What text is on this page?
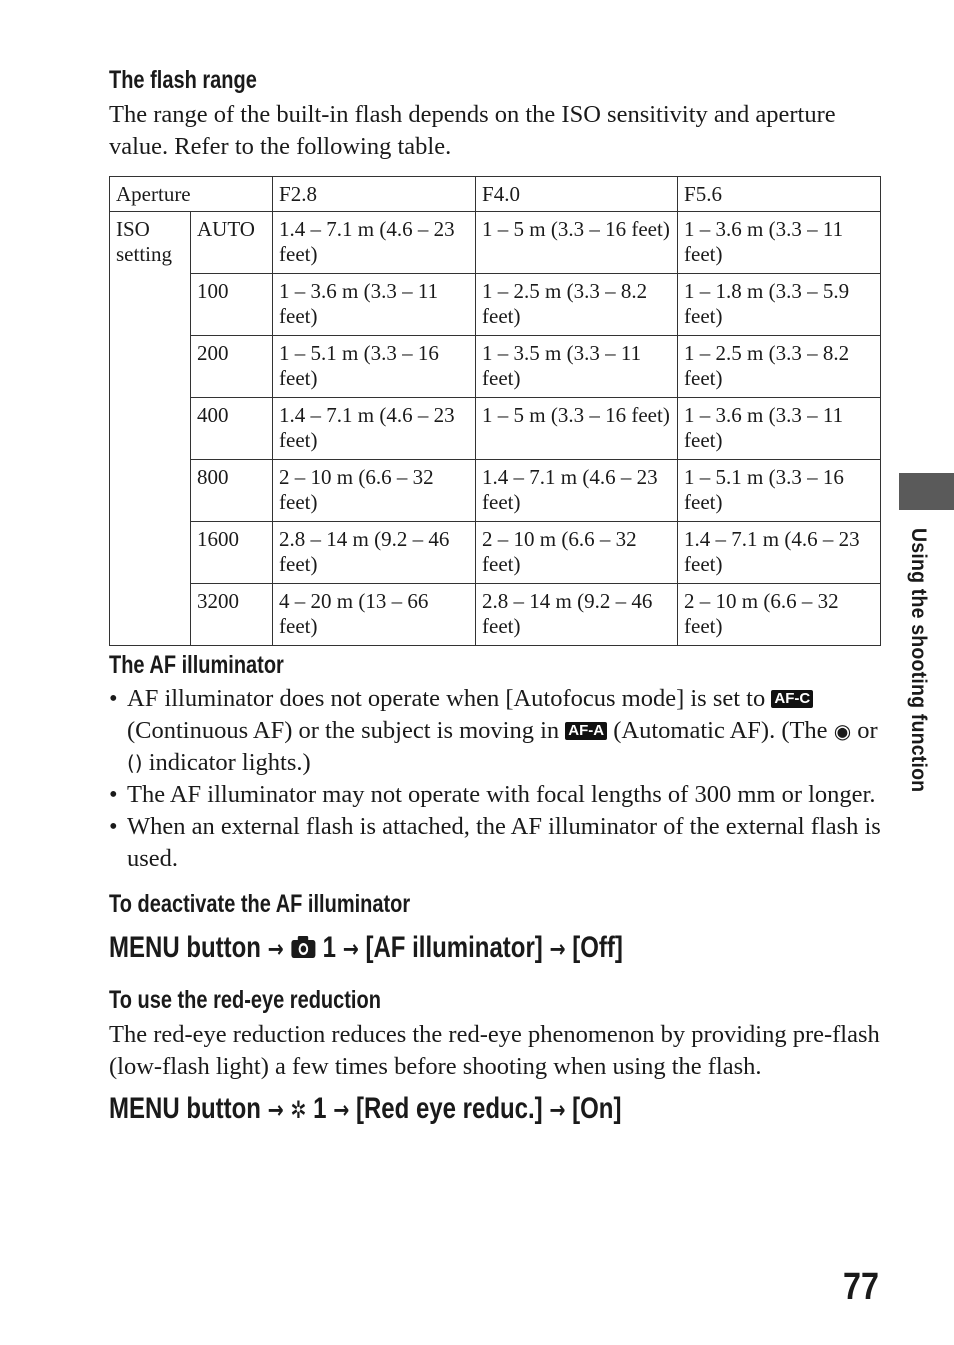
The flash range

The range of the built-in flash depends on the ISO sensitivity and aperture value. Refer to the following table.

Aperture		F2.8	F4.0	F5.6
ISO setting	AUTO	1.4 – 7.1 m (4.6 – 23 feet)	1 – 5 m (3.3 – 16 feet)	1 – 3.6 m (3.3 – 11 feet)
	100	1 – 3.6 m (3.3 – 11 feet)	1 – 2.5 m (3.3 – 8.2 feet)	1 – 1.8 m (3.3 – 5.9 feet)
	200	1 – 5.1 m (3.3 – 16 feet)	1 – 3.5 m (3.3 – 11 feet)	1 – 2.5 m (3.3 – 8.2 feet)
	400	1.4 – 7.1 m (4.6 – 23 feet)	1 – 5 m (3.3 – 16 feet)	1 – 3.6 m (3.3 – 11 feet)
	800	2 – 10 m (6.6 – 32 feet)	1.4 – 7.1 m (4.6 – 23 feet)	1 – 5.1 m (3.3 – 16 feet)
	1600	2.8 – 14 m (9.2 – 46 feet)	2 – 10 m (6.6 – 32 feet)	1.4 – 7.1 m (4.6 – 23 feet)
	3200	4 – 20 m (13 – 66 feet)	2.8 – 14 m (9.2 – 46 feet)	2 – 10 m (6.6 – 32 feet)
The AF illuminator
• AF illuminator does not operate when [Autofocus mode] is set to AF-C (Continuous AF) or the subject is moving in AF-A (Automatic AF). (The ◉ or () indicator lights.)
• The AF illuminator may not operate with focal lengths of 300 mm or longer.
• When an external flash is attached, the AF illuminator of the external flash is used.
To deactivate the AF illuminator
MENU button → 1 → [AF illuminator] → [Off]
To use the red-eye reduction

The red-eye reduction reduces the red-eye phenomenon by providing pre-flash (low-flash light) a few times before shooting when using the flash.

MENU button → ✲ 1 → [Red eye reduc.] → [On]
Using the shooting function
77
